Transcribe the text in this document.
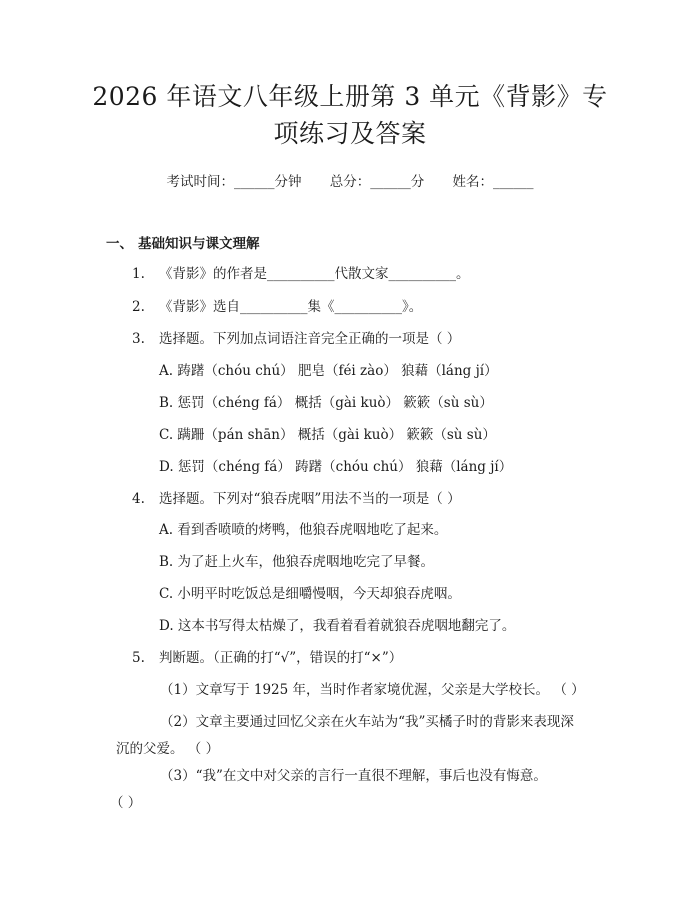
2026 年语文八年级上册第 3 单元《背影》专
项练习及答案
考试时间：______分钟 总分：______分 姓名：______
一、 基础知识与课文理解
1. 《背影》的作者是__________代散文家__________。
2. 《背影》选自__________集《__________》。
3. 选择题。下列加点词语注音完全正确的一项是（ ）
A. 踌躇（chóu chú） 肥皂（féi zào） 狼藉（láng jí）
B. 惩罚（chéng fá） 概括（gài kuò） 簌簌（sù sù）
C. 蹒跚（pán shān） 概括（gài kuò） 簌簌（sù sù）
D. 惩罚（chéng fá） 踌躇（chóu chú） 狼藉（láng jí）
4. 选择题。下列对“狼吞虎咽”用法不当的一项是（ ）
A. 看到香喷喷的烤鸭，他狼吞虎咽地吃了起来。
B. 为了赶上火车，他狼吞虎咽地吃完了早餐。
C. 小明平时吃饭总是细嚼慢咽，今天却狼吞虎咽。
D. 这本书写得太枯燥了，我看着看着就狼吞虎咽地翻完了。
5. 判断题。（正确的打“√”，错误的打“×”）
（1）文章写于 1925 年，当时作者家境优渥，父亲是大学校长。 （ ）
（2）文章主要通过回忆父亲在火车站为“我”买橘子时的背影来表现深
沉的父爱。 （ ）
（3）“我”在文中对父亲的言行一直很不理解，事后也没有悔意。
（ ）
